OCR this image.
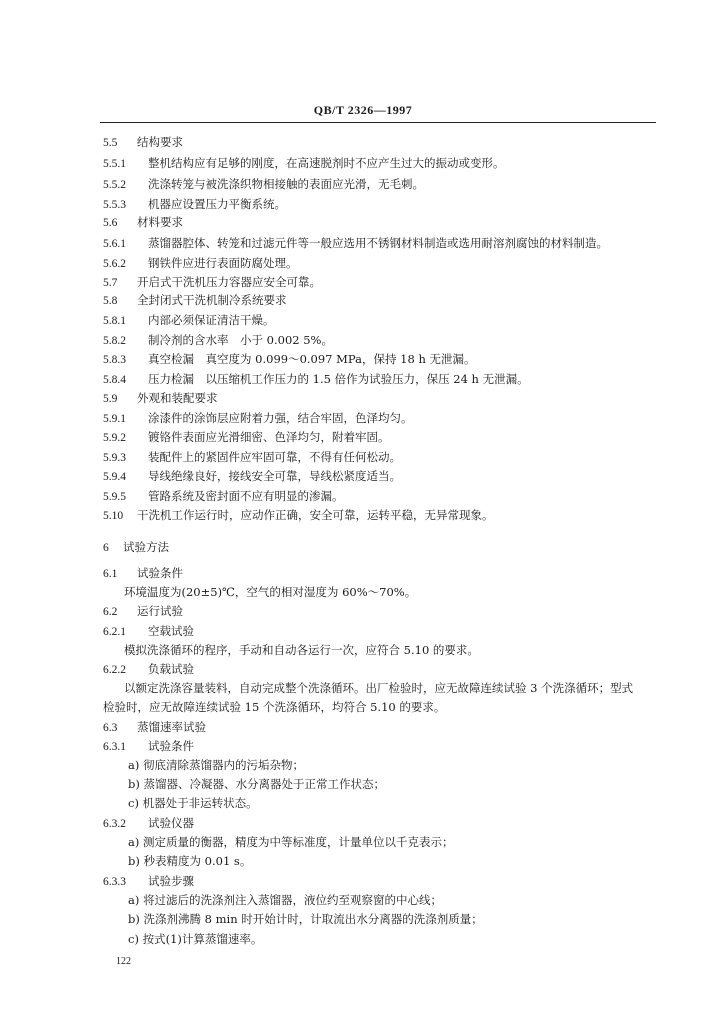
QB/T 2326—1997
5.5 结构要求
5.5.1 整机结构应有足够的刚度，在高速脱剂时不应产生过大的振动或变形。
5.5.2 洗涤转笼与被洗涤织物相接触的表面应光滑，无毛刺。
5.5.3 机器应设置压力平衡系统。
5.6 材料要求
5.6.1 蒸馏器腔体、转笼和过滤元件等一般应选用不锈钢材料制造或选用耐溶剂腐蚀的材料制造。
5.6.2 钢铁件应进行表面防腐处理。
5.7 开启式干洗机压力容器应安全可靠。
5.8 全封闭式干洗机制冷系统要求
5.8.1 内部必须保证清洁干燥。
5.8.2 制冷剂的含水率　小于 0.002 5%。
5.8.3 真空检漏　真空度为 0.099～0.097 MPa，保持 18 h 无泄漏。
5.8.4 压力检漏　以压缩机工作压力的 1.5 倍作为试验压力，保压 24 h 无泄漏。
5.9 外观和装配要求
5.9.1 涂漆件的涂饰层应附着力强，结合牢固，色泽均匀。
5.9.2 镀铬件表面应光滑细密、色泽均匀，附着牢固。
5.9.3 装配件上的紧固件应牢固可靠，不得有任何松动。
5.9.4 导线绝缘良好，接线安全可靠，导线松紧度适当。
5.9.5 管路系统及密封面不应有明显的渗漏。
5.10 干洗机工作运行时，应动作正确，安全可靠，运转平稳，无异常现象。
6 试验方法
6.1 试验条件
环境温度为(20±5)℃，空气的相对湿度为 60%～70%。
6.2 运行试验
6.2.1 空载试验
模拟洗涤循环的程序，手动和自动各运行一次，应符合 5.10 的要求。
6.2.2 负载试验
以额定洗涤容量装料，自动完成整个洗涤循环。出厂检验时，应无故障连续试验 3 个洗涤循环；型式
检验时，应无故障连续试验 15 个洗涤循环，均符合 5.10 的要求。
6.3 蒸馏速率试验
6.3.1 试验条件
a) 彻底清除蒸馏器内的污垢杂物；
b) 蒸馏器、冷凝器、水分离器处于正常工作状态；
c) 机器处于非运转状态。
6.3.2 试验仪器
a) 测定质量的衡器，精度为中等标准度，计量单位以千克表示；
b) 秒表精度为 0.01 s。
6.3.3 试验步骤
a) 将过滤后的洗涤剂注入蒸馏器，液位约至观察窗的中心线；
b) 洗涤剂沸腾 8 min 时开始计时，计取流出水分离器的洗涤剂质量；
c) 按式(1)计算蒸馏速率。
122
